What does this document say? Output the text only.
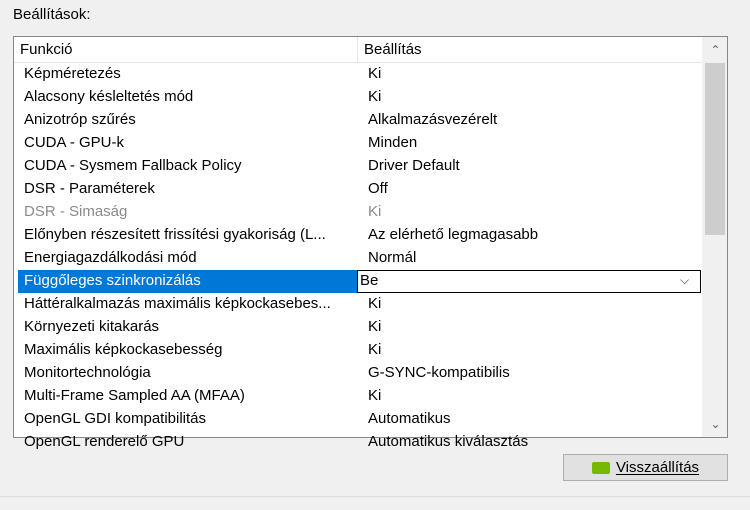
Beállítások:
Funkció	Beállítás
Képméretezés	Ki
Alacsony késleltetés mód	Ki
Anizotróp szűrés	Alkalmazásvezérelt
CUDA - GPU-k	Minden
CUDA - Sysmem Fallback Policy	Driver Default
DSR - Paraméterek	Off
DSR - Simaság	Ki
Előnyben részesített frissítési gyakoriság (L...	Az elérhető legmagasabb
Energiagazdálkodási mód	Normál
Függőleges szinkronizálás	Be	⌵
Háttéralkalmazás maximális képkockasebes...	Ki
Környezeti kitakarás	Ki
Maximális képkockasebesség	Ki
Monitortechnológia	G-SYNC-kompatibilis
Multi-Frame Sampled AA (MFAA)	Ki
OpenGL GDI kompatibilitás	Automatikus
OpenGL renderelő GPU	Automatikus kiválasztás
⌃
⌄
Visszaállítás
